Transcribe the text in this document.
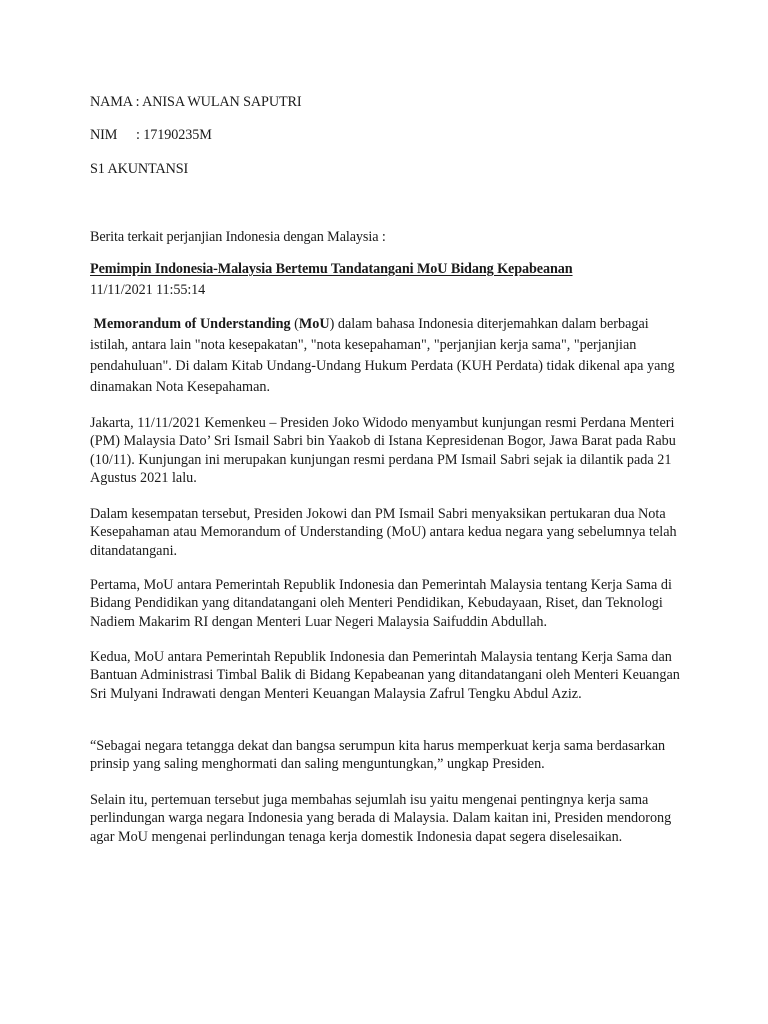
NAMA : ANISA WULAN SAPUTRI
NIM : 17190235M
S1 AKUNTANSI
Berita terkait perjanjian Indonesia dengan Malaysia :
Pemimpin Indonesia-Malaysia Bertemu Tandatangani MoU Bidang Kepabeanan
11/11/2021 11:55:14

Memorandum of Understanding (MoU) dalam bahasa Indonesia diterjemahkan dalam berbagai istilah, antara lain "nota kesepakatan", "nota kesepahaman", "perjanjian kerja sama", "perjanjian pendahuluan". Di dalam Kitab Undang-Undang Hukum Perdata (KUH Perdata) tidak dikenal apa yang dinamakan Nota Kesepahaman.

Jakarta, 11/11/2021 Kemenkeu – Presiden Joko Widodo menyambut kunjungan resmi Perdana Menteri (PM) Malaysia Dato’ Sri Ismail Sabri bin Yaakob di Istana Kepresidenan Bogor, Jawa Barat pada Rabu (10/11). Kunjungan ini merupakan kunjungan resmi perdana PM Ismail Sabri sejak ia dilantik pada 21 Agustus 2021 lalu.

Dalam kesempatan tersebut, Presiden Jokowi dan PM Ismail Sabri menyaksikan pertukaran dua Nota Kesepahaman atau Memorandum of Understanding (MoU) antara kedua negara yang sebelumnya telah ditandatangani.

Pertama, MoU antara Pemerintah Republik Indonesia dan Pemerintah Malaysia tentang Kerja Sama di Bidang Pendidikan yang ditandatangani oleh Menteri Pendidikan, Kebudayaan, Riset, dan Teknologi Nadiem Makarim RI dengan Menteri Luar Negeri Malaysia Saifuddin Abdullah.

Kedua, MoU antara Pemerintah Republik Indonesia dan Pemerintah Malaysia tentang Kerja Sama dan Bantuan Administrasi Timbal Balik di Bidang Kepabeanan yang ditandatangani oleh Menteri Keuangan Sri Mulyani Indrawati dengan Menteri Keuangan Malaysia Zafrul Tengku Abdul Aziz.

“Sebagai negara tetangga dekat dan bangsa serumpun kita harus memperkuat kerja sama berdasarkan prinsip yang saling menghormati dan saling menguntungkan,” ungkap Presiden.

Selain itu, pertemuan tersebut juga membahas sejumlah isu yaitu mengenai pentingnya kerja sama perlindungan warga negara Indonesia yang berada di Malaysia. Dalam kaitan ini, Presiden mendorong agar MoU mengenai perlindungan tenaga kerja domestik Indonesia dapat segera diselesaikan.
